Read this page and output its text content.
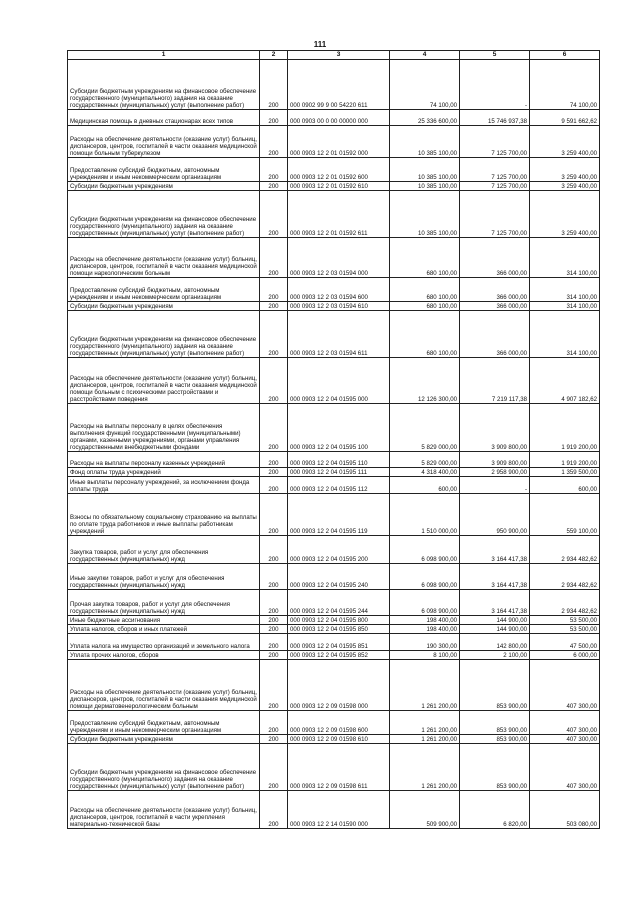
111
1	2	3	4	5	6
Субсидии бюджетным учреждениям на финансовое обеспечение государственного (муниципального) задания на оказание государственных (муниципальных) услуг (выполнение работ)	200	000 0902 99 9 00 54220 611	74 100,00	-	74 100,00
Медицинская помощь в дневных стационарах всех типов	200	000 0903 00 0 00 00000 000	25 336 600,00	15 746 937,38	9 591 662,62
Расходы на обеспечение деятельности (оказание услуг) больниц, диспансеров, центров, госпиталей в части оказания медицинской помощи больным туберкулезом	200	000 0903 12 2 01 01592 000	10 385 100,00	7 125 700,00	3 259 400,00
Предоставление субсидий бюджетным, автономным учреждениям и иным некоммерческим организациям	200	000 0903 12 2 01 01592 600	10 385 100,00	7 125 700,00	3 259 400,00
Субсидии бюджетным учреждениям	200	000 0903 12 2 01 01592 610	10 385 100,00	7 125 700,00	3 259 400,00
Субсидии бюджетным учреждениям на финансовое обеспечение государственного (муниципального) задания на оказание государственных (муниципальных) услуг (выполнение работ)	200	000 0903 12 2 01 01592 611	10 385 100,00	7 125 700,00	3 259 400,00
Расходы на обеспечение деятельности (оказание услуг) больниц, диспансеров, центров, госпиталей в части оказания медицинской помощи наркологическим больным	200	000 0903 12 2 03 01594 000	680 100,00	366 000,00	314 100,00
Предоставление субсидий бюджетным, автономным учреждениям и иным некоммерческим организациям	200	000 0903 12 2 03 01594 600	680 100,00	366 000,00	314 100,00
Субсидии бюджетным учреждениям	200	000 0903 12 2 03 01594 610	680 100,00	366 000,00	314 100,00
Субсидии бюджетным учреждениям на финансовое обеспечение государственного (муниципального) задания на оказание государственных (муниципальных) услуг (выполнение работ)	200	000 0903 12 2 03 01594 611	680 100,00	366 000,00	314 100,00
Расходы на обеспечение деятельности (оказание услуг) больниц, диспансеров, центров, госпиталей в части оказания медицинской помощи больным с психическими расстройствами и расстройствами поведения	200	000 0903 12 2 04 01595 000	12 126 300,00	7 219 117,38	4 907 182,62
Расходы на выплаты персоналу в целях обеспечения выполнения функций государственными (муниципальными) органами, казенными учреждениями, органами управления государственными внебюджетными фондами	200	000 0903 12 2 04 01595 100	5 829 000,00	3 909 800,00	1 919 200,00
Расходы на выплаты персоналу казенных учреждений	200	000 0903 12 2 04 01595 110	5 829 000,00	3 909 800,00	1 919 200,00
Фонд оплаты труда учреждений	200	000 0903 12 2 04 01595 111	4 318 400,00	2 958 900,00	1 359 500,00
Иные выплаты персоналу учреждений, за исключением фонда оплаты труда	200	000 0903 12 2 04 01595 112	600,00	-	600,00
Взносы по обязательному социальному страхованию на выплаты по оплате труда работников и иные выплаты работникам учреждений	200	000 0903 12 2 04 01595 119	1 510 000,00	950 900,00	559 100,00
Закупка товаров, работ и услуг для обеспечения государственных (муниципальных) нужд	200	000 0903 12 2 04 01595 200	6 098 900,00	3 164 417,38	2 934 482,62
Иные закупки товаров, работ и услуг для обеспечения государственных (муниципальных) нужд	200	000 0903 12 2 04 01595 240	6 098 900,00	3 164 417,38	2 934 482,62
Прочая закупка товаров, работ и услуг для обеспечения государственных (муниципальных) нужд	200	000 0903 12 2 04 01595 244	6 098 900,00	3 164 417,38	2 934 482,62
Иные бюджетные ассигнования	200	000 0903 12 2 04 01595 800	198 400,00	144 900,00	53 500,00
Уплата налогов, сборов и иных платежей	200	000 0903 12 2 04 01595 850	198 400,00	144 900,00	53 500,00
Уплата налога на имущество организаций и земельного налога	200	000 0903 12 2 04 01595 851	190 300,00	142 800,00	47 500,00
Уплата прочих налогов, сборов	200	000 0903 12 2 04 01595 852	8 100,00	2 100,00	6 000,00
Расходы на обеспечение деятельности (оказание услуг) больниц, диспансеров, центров, госпиталей в части оказания медицинской помощи дерматовенерологическим больным	200	000 0903 12 2 09 01598 000	1 261 200,00	853 900,00	407 300,00
Предоставление субсидий бюджетным, автономным учреждениям и иным некоммерческим организациям	200	000 0903 12 2 09 01598 600	1 261 200,00	853 900,00	407 300,00
Субсидии бюджетным учреждениям	200	000 0903 12 2 09 01598 610	1 261 200,00	853 900,00	407 300,00
Субсидии бюджетным учреждениям на финансовое обеспечение государственного (муниципального) задания на оказание государственных (муниципальных) услуг (выполнение работ)	200	000 0903 12 2 09 01598 611	1 261 200,00	853 900,00	407 300,00
Расходы на обеспечение деятельности (оказание услуг) больниц, диспансеров, центров, госпиталей в части укрепления материально-технической базы	200	000 0903 12 2 14 01590 000	509 900,00	6 820,00	503 080,00
